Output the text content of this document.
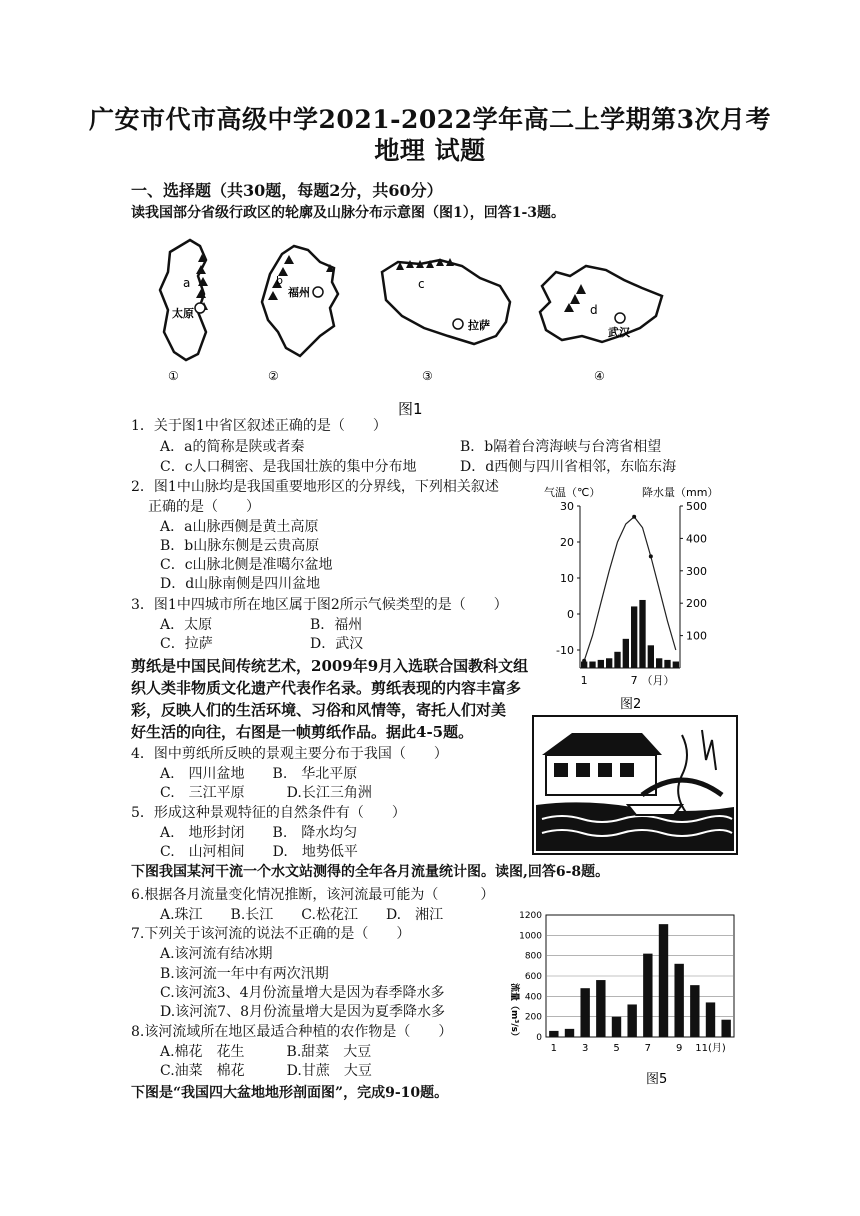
广安市代市高级中学2021-2022学年高二上学期第3次月考
地理 试题
一、选择题（共30题，每题2分，共60分）
读我国部分省级行政区的轮廓及山脉分布示意图（图1），回答1-3题。
a
太原
b
福州
c
拉萨
d
武汉
①	②	③	④
图1
1．关于图1中省区叙述正确的是（　　）
A．a的简称是陕或者秦	B．b隔着台湾海峡与台湾省相望
C．c人口稠密、是我国壮族的集中分布地	D．d西侧与四川省相邻，东临东海
2．图1中山脉均是我国重要地形区的分界线，下列相关叙述
正确的是（　　）
A．a山脉西侧是黄土高原
B．b山脉东侧是云贵高原
C．c山脉北侧是准噶尔盆地
D．d山脉南侧是四川盆地
3．图1中四城市所在地区属于图2所示气候类型的是（　　）
A．太原	B．福州
C．拉萨	D．武汉
气温（℃）	降水量（mm）
30
20
10
0
-10
500
400
300
200
100
1	7 （月）
图2
剪纸是中国民间传统艺术，2009年9月入选联合国教科文组
织人类非物质文化遗产代表作名录。剪纸表现的内容丰富多
彩，反映人们的生活环境、习俗和风情等，寄托人们对美
好生活的向往，右图是一帧剪纸作品。据此4-5题。
4．图中剪纸所反映的景观主要分布于我国（　　）
A.　四川盆地　　B.　华北平原
C.　三江平原　　　D.长江三角洲
5．形成这种景观特征的自然条件有（　　）
A.　地形封闭　　B.　降水均匀
C.　山河相间　　D.　地势低平
下图我国某河干流一个水文站测得的全年各月流量统计图。读图,回答6-8题。
6.根据各月流量变化情况推断，该河流最可能为（　　　）
A.珠江　　B.长江　　C.松花江　　D.　湘江
7.下列关于该河流的说法不正确的是（　　）
A.该河流有结冰期
B.该河流一年中有两次汛期
C.该河流3、4月份流量增大是因为春季降水多
D.该河流7、8月份流量增大是因为夏季降水多
8.该河流域所在地区最适合种植的农作物是（　　）
A.棉花　花生　　　B.甜菜　大豆
C.油菜　棉花　　　D.甘蔗　大豆
下图是“我国四大盆地地形剖面图”，完成9-10题。
流量（m³/s）
1200
1000
800
600
400
200
0
1 3 5 7 9 11(月)
图5
